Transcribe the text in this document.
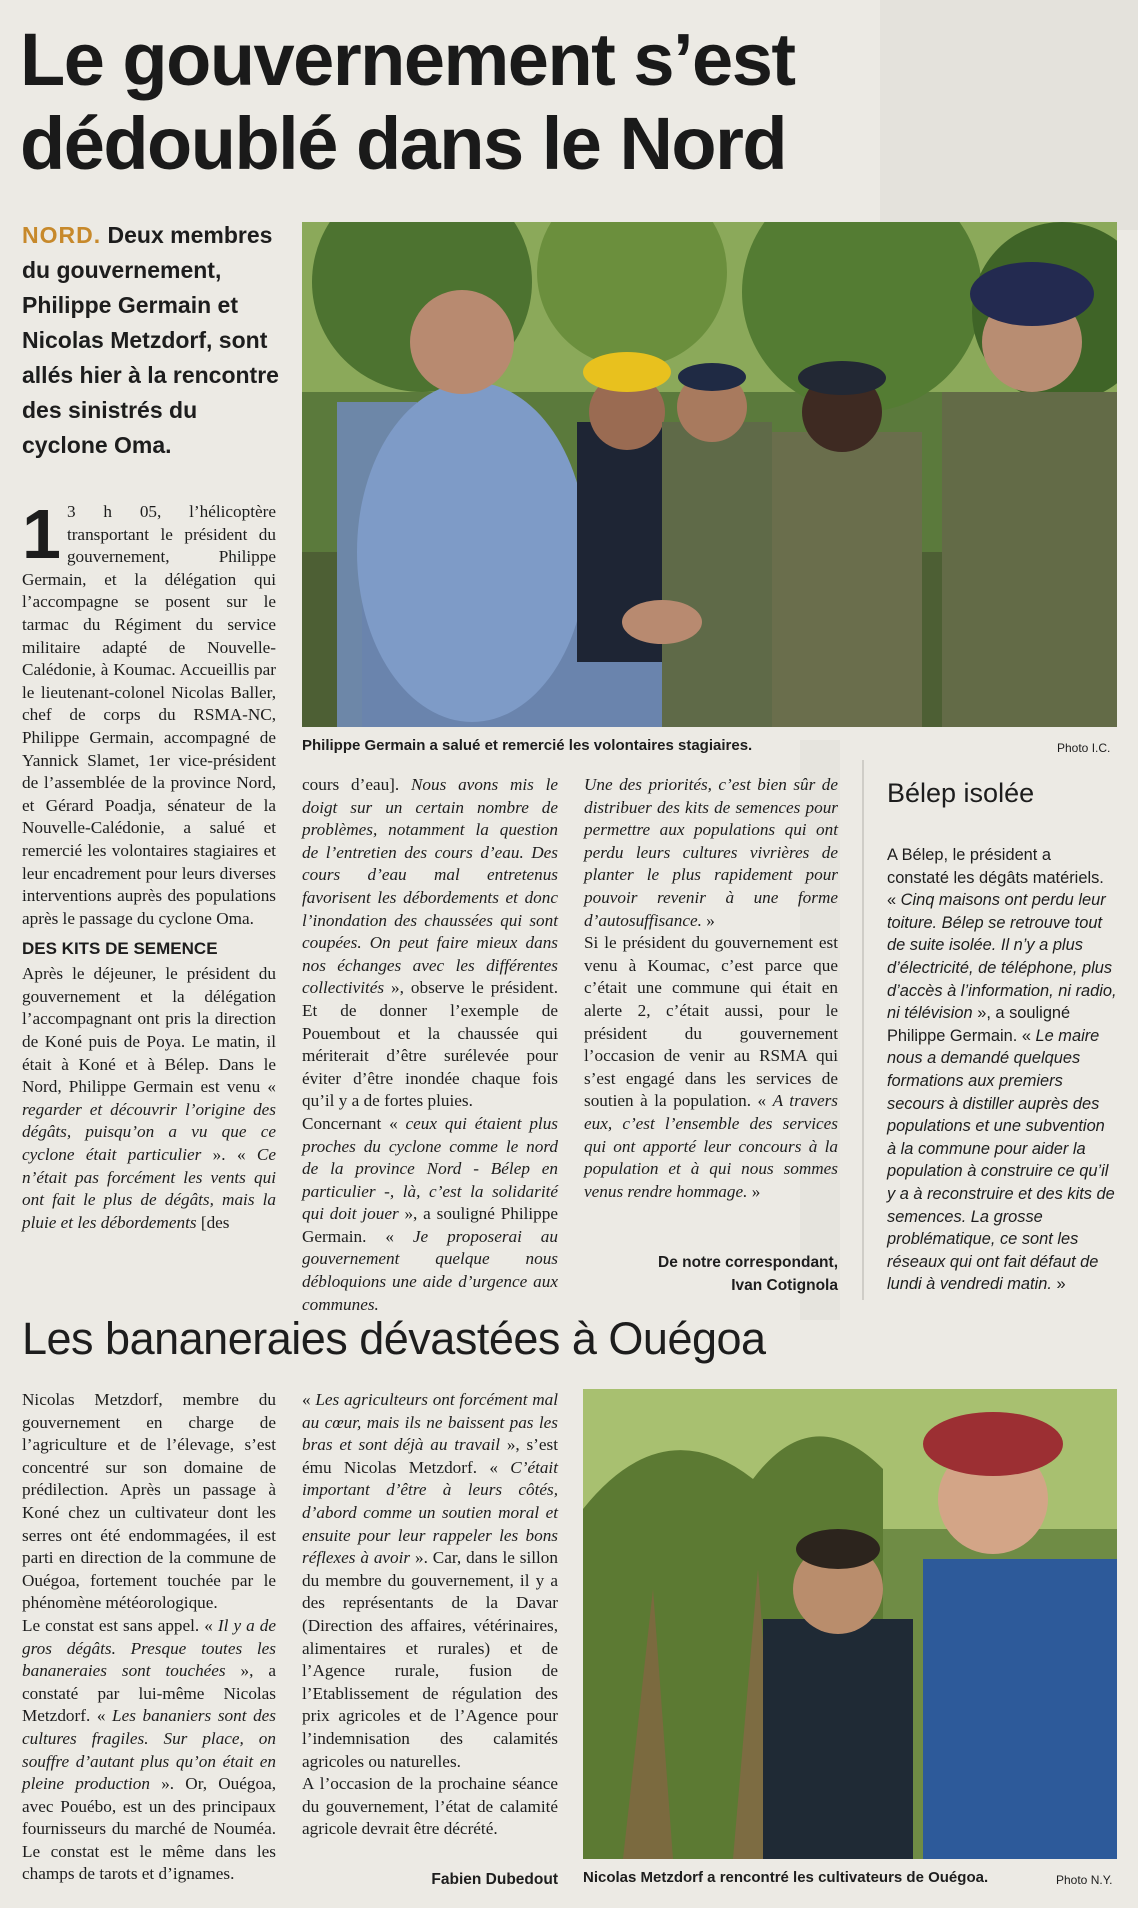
Le gouvernement s’est dédoublé dans le Nord
NORD. Deux membres du gouvernement, Philippe Germain et Nicolas Metzdorf, sont allés hier à la rencontre des sinistrés du cyclone Oma.
Philippe Germain a salué et remercié les volontaires stagiaires.	Photo I.C.

1 3 h 05, l’hélicoptère transportant le président du gouvernement, Philippe Germain, et la délégation qui l’accompagne se posent sur le tarmac du Régiment du service militaire adapté de Nouvelle-Calédonie, à Koumac. Accueillis par le lieutenant-colonel Nicolas Baller, chef de corps du RSMA-NC, Philippe Germain, accompagné de Yannick Slamet, 1er vice-président de l’assemblée de la province Nord, et Gérard Poadja, sénateur de la Nouvelle-Calédonie, a salué et remercié les volontaires stagiaires et leur encadrement pour leurs diverses interventions auprès des populations après le passage du cyclone Oma.

DES KITS DE SEMENCE

Après le déjeuner, le président du gouvernement et la délégation l’accompagnant ont pris la direction de Koné puis de Poya. Le matin, il était à Koné et à Bélep. Dans le Nord, Philippe Germain est venu « regarder et découvrir l’origine des dégâts, puisqu’on a vu que ce cyclone était particulier ». « Ce n’était pas forcément les vents qui ont fait le plus de dégâts, mais la pluie et les débordements [des

cours d’eau]. Nous avons mis le doigt sur un certain nombre de problèmes, notamment la question de l’entretien des cours d’eau. Des cours d’eau mal entretenus favorisent les débordements et donc l’inondation des chaussées qui sont coupées. On peut faire mieux dans nos échanges avec les différentes collectivités », observe le président. Et de donner l’exemple de Pouembout et la chaussée qui mériterait d’être surélevée pour éviter d’être inondée chaque fois qu’il y a de fortes pluies.

Concernant « ceux qui étaient plus proches du cyclone comme le nord de la province Nord - Bélep en particulier -, là, c’est la solidarité qui doit jouer », a souligné Philippe Germain. « Je proposerai au gouvernement quelque nous débloquions une aide d’urgence aux communes.

Une des priorités, c’est bien sûr de distribuer des kits de semences pour permettre aux populations qui ont perdu leurs cultures vivrières de planter le plus rapidement pour pouvoir revenir à une forme d’autosuffisance. »

Si le président du gouvernement est venu à Koumac, c’est parce que c’était une commune qui était en alerte 2, c’était aussi, pour le président du gouvernement l’occasion de venir au RSMA qui s’est engagé dans les services de soutien à la population. « A travers eux, c’est l’ensemble des services qui ont apporté leur concours à la population et à qui nous sommes venus rendre hommage. »

De notre correspondant,
Ivan Cotignola
Bélep isolée
A Bélep, le président a constaté les dégâts matériels. « Cinq maisons ont perdu leur toiture. Bélep se retrouve tout de suite isolée. Il n’y a plus d’électricité, de téléphone, plus d’accès à l’information, ni radio, ni télévision », a souligné Philippe Germain. « Le maire nous a demandé quelques formations aux premiers secours à distiller auprès des populations et une subvention à la commune pour aider la population à construire ce qu’il y a à reconstruire et des kits de semences. La grosse problématique, ce sont les réseaux qui ont fait défaut de lundi à vendredi matin. »
Les bananeraies dévastées à Ouégoa

Nicolas Metzdorf, membre du gouvernement en charge de l’agriculture et de l’élevage, s’est concentré sur son domaine de prédilection. Après un passage à Koné chez un cultivateur dont les serres ont été endommagées, il est parti en direction de la commune de Ouégoa, fortement touchée par le phénomène météorologique.

Le constat est sans appel. « Il y a de gros dégâts. Presque toutes les bananeraies sont touchées », a constaté par lui-même Nicolas Metzdorf. « Les bananiers sont des cultures fragiles. Sur place, on souffre d’autant plus qu’on était en pleine production ». Or, Ouégoa, avec Pouébo, est un des principaux fournisseurs du marché de Nouméa. Le constat est le même dans les champs de tarots et d’ignames.

« Les agriculteurs ont forcément mal au cœur, mais ils ne baissent pas les bras et sont déjà au travail », s’est ému Nicolas Metzdorf. « C’était important d’être à leurs côtés, d’abord comme un soutien moral et ensuite pour leur rappeler les bons réflexes à avoir ». Car, dans le sillon du membre du gouvernement, il y a des représentants de la Davar (Direction des affaires, vétérinaires, alimentaires et rurales) et de l’Agence rurale, fusion de l’Etablissement de régulation des prix agricoles et de l’Agence pour l’indemnisation des calamités agricoles ou naturelles.

A l’occasion de la prochaine séance du gouvernement, l’état de calamité agricole devrait être décrété.

Fabien Dubedout Nicolas Metzdorf a rencontré les cultivateurs de Ouégoa.	Photo N.Y.
